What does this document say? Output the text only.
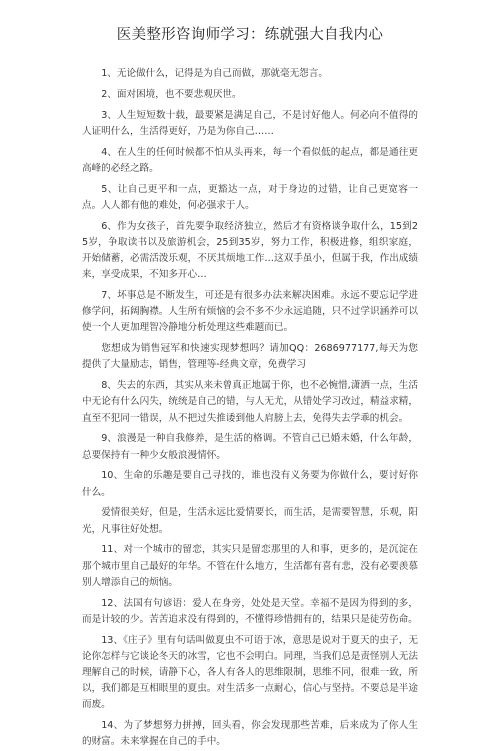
医美整形咨询师学习：练就强大自我内心

1、无论做什么，记得是为自己而做，那就毫无怨言。

2、面对困境，也不要悲观厌世。

3、人生短短数十载，最要紧是满足自己，不是讨好他人。何必向不值得的人证明什么，生活得更好，乃是为你自己……

4、在人生的任何时候都不怕从头再来，每一个看似低的起点，都是通往更高峰的必经之路。

5、让自己更平和一点，更豁达一点，对于身边的过错，让自己更宽容一点。人人都有他的难处，何必强求于人。

6、作为女孩子，首先要争取经济独立，然后才有资格谈争取什么，15到25岁，争取读书以及旅游机会，25到35岁，努力工作，积极进修，组织家庭，开始储蓄，必需活泼乐观，不厌其烦地工作…这双手虽小，但属于我，作出成绩来，享受成果，不知多开心…

7、坏事总是不断发生，可还是有很多办法来解决困难。永远不要忘记学进修学问，拓阔胸襟。人生所有烦恼的会不多不少永远追随，只不过学识涵养可以使一个人更加理智冷静地分析处理这些难题而已。

您想成为销售冠军和快速实现梦想吗？请加QQ：2686977177,每天为您提供了大量励志，销售，管理等-经典文章，免费学习

8、失去的东西，其实从来未曾真正地属于你，也不必惋惜,潇洒一点，生活中无论有什么闪失，统统是自己的错，与人无尤，从错处学习改过，精益求精，直至不犯同一错误，从不把过失推诿到他人肩膀上去，免得失去学乖的机会。

9、浪漫是一种自我修养，是生活的格调。不管自己已婚未婚，什么年龄，总要保持有一种少女般浪漫情怀。

10、生命的乐趣是要自己寻找的，谁也没有义务要为你做什么，要讨好你什么。

爱情很美好，但是，生活永远比爱情要长，而生活，是需要智慧，乐观，阳光，凡事往好处想。

11、对一个城市的留恋，其实只是留恋那里的人和事，更多的，是沉淀在那个城市里自己最好的年华。不管在什么地方，生活都有喜有悲，没有必要羡慕别人增添自己的烦恼。

12、法国有句谚语：爱人在身旁，处处是天堂。幸福不是因为得到的多，而是计较的少。苦苦追求没有得到的，不懂得珍惜拥有的，结果只是徒劳伤命。

13、《庄子》里有句话叫做夏虫不可语于冰，意思是说对于夏天的虫子，无论你怎样与它谈论冬天的冰雪，它也不会明白。同理，当我们总是责怪别人无法理解自己的时候，请静下心，各人有各人的思维限制，思维不同，很难一致，所以，我们都是互相眼里的夏虫。对生活多一点耐心，信心与坚持。不要总是半途而废。

14、为了梦想努力拼搏，回头看，你会发现那些苦难，后来成为了你人生的财富。未来掌握在自己的手中。
